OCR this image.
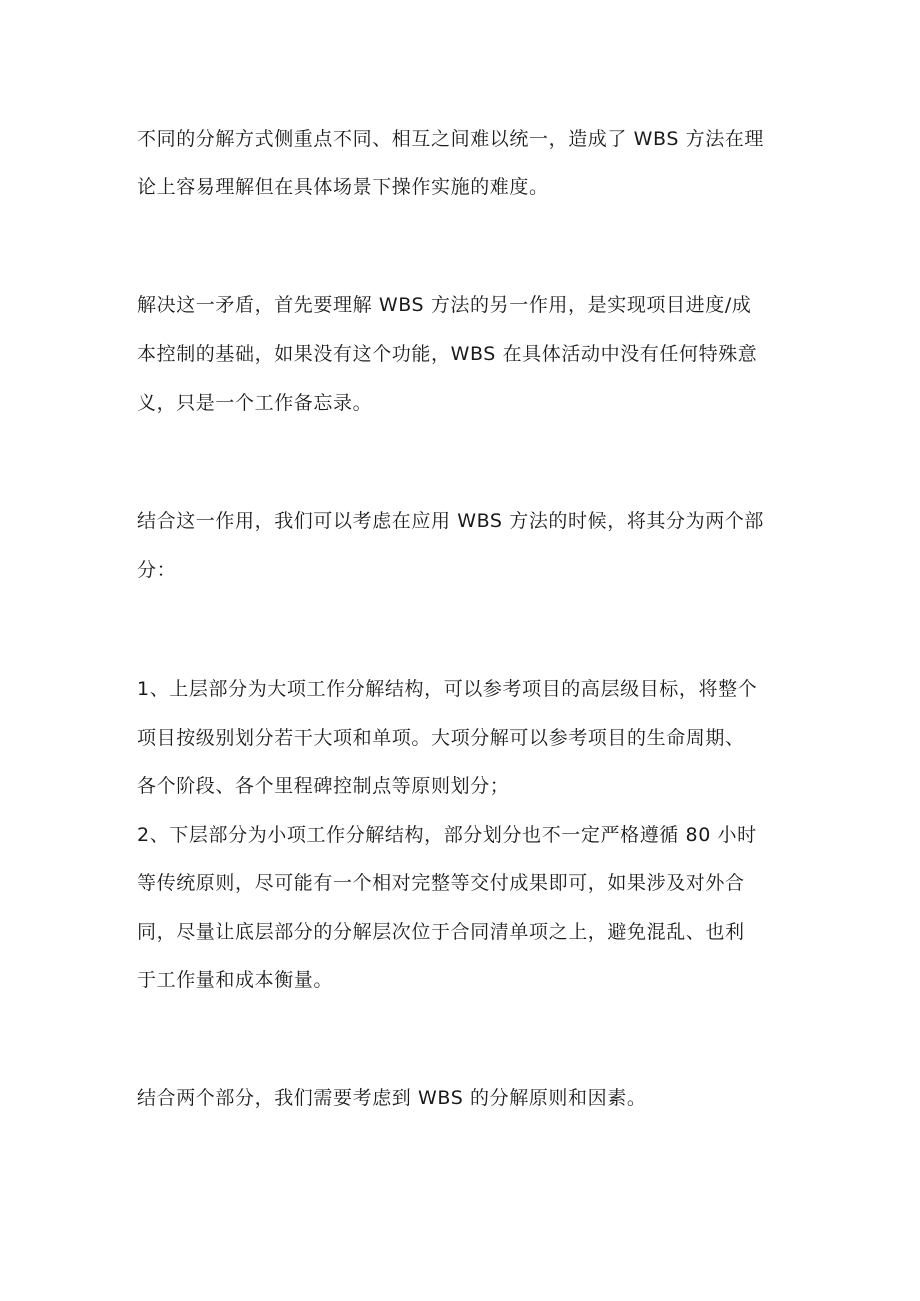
不同的分解方式侧重点不同、相互之间难以统一，造成了 WBS 方法在理
论上容易理解但在具体场景下操作实施的难度。
解决这一矛盾，首先要理解 WBS 方法的另一作用，是实现项目进度/成
本控制的基础，如果没有这个功能，WBS 在具体活动中没有任何特殊意
义，只是一个工作备忘录。
结合这一作用，我们可以考虑在应用 WBS 方法的时候，将其分为两个部
分：
1、上层部分为大项工作分解结构，可以参考项目的高层级目标，将整个
项目按级别划分若干大项和单项。大项分解可以参考项目的生命周期、
各个阶段、各个里程碑控制点等原则划分；
2、下层部分为小项工作分解结构，部分划分也不一定严格遵循 80 小时
等传统原则，尽可能有一个相对完整等交付成果即可，如果涉及对外合
同，尽量让底层部分的分解层次位于合同清单项之上，避免混乱、也利
于工作量和成本衡量。
结合两个部分，我们需要考虑到 WBS 的分解原则和因素。
